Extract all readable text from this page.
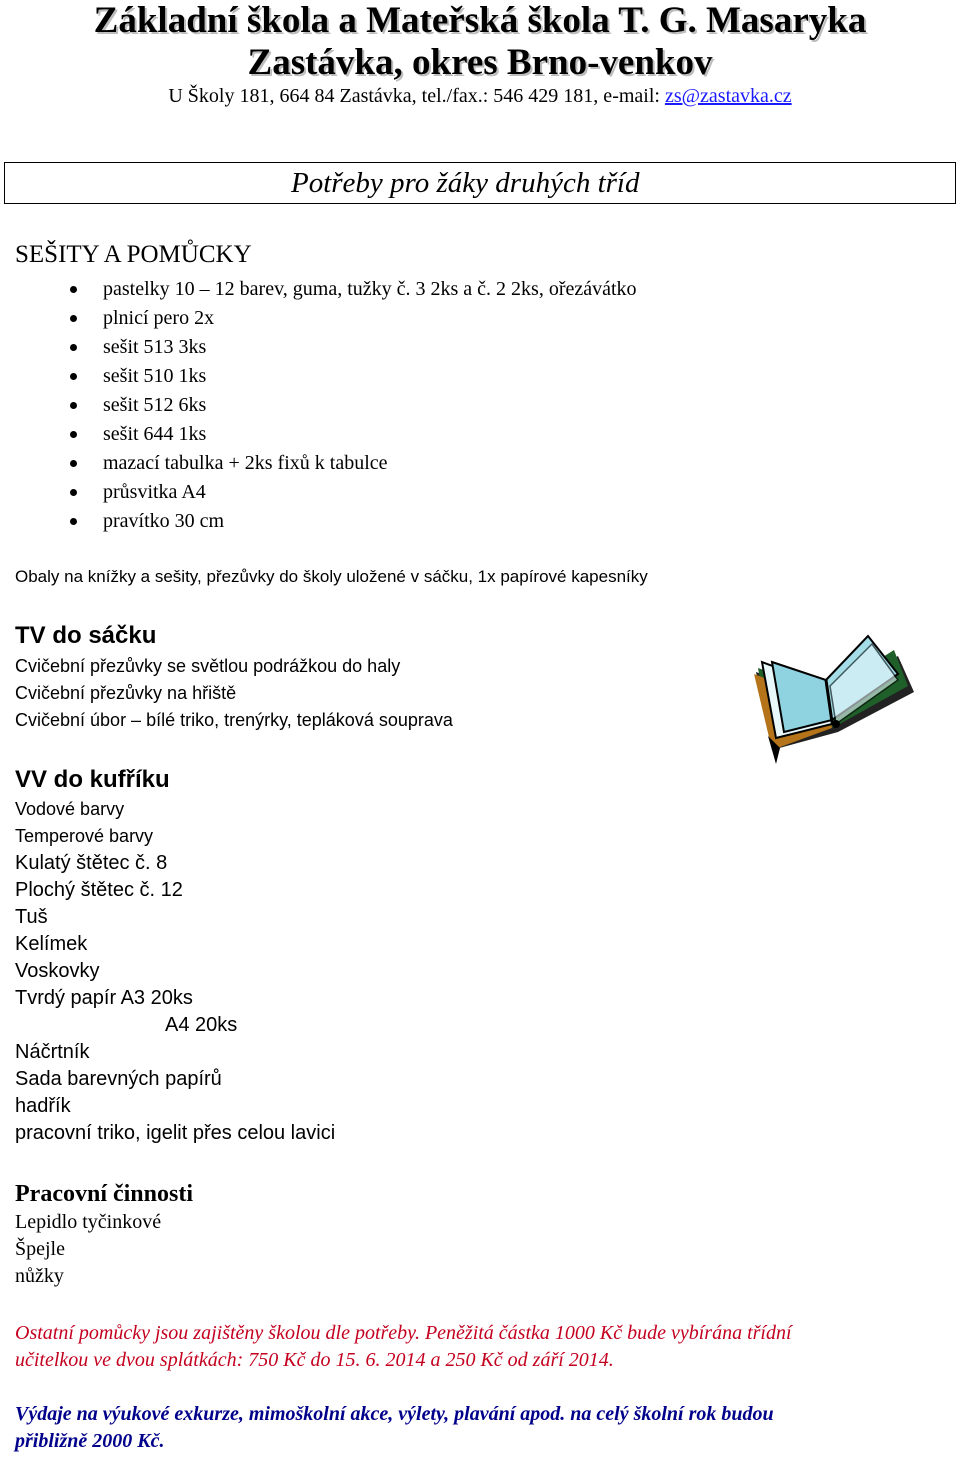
Základní škola a Mateřská škola T. G. Masaryka
Zastávka, okres Brno-venkov
U Školy 181, 664 84 Zastávka, tel./fax.: 546 429 181, e-mail: zs@zastavka.cz
Potřeby pro žáky druhých tříd
SEŠITY A POMŮCKY
pastelky 10 – 12 barev, guma, tužky č. 3 2ks a č. 2 2ks, ořezávátko
plnicí pero 2x
sešit 513 3ks
sešit 510 1ks
sešit 512 6ks
sešit 644 1ks
mazací tabulka + 2ks fixů k tabulce
průsvitka A4
pravítko 30 cm
Obaly na knížky a sešity, přezůvky do školy uložené v sáčku, 1x papírové kapesníky
TV do sáčku
Cvičební přezůvky se světlou podrážkou do haly
Cvičební přezůvky na hřiště
Cvičební úbor – bílé triko, trenýrky, tepláková souprava
VV do kufříku
Vodové barvy
Temperové barvy
Kulatý štětec č. 8
Plochý štětec č. 12
Tuš
Kelímek
Voskovky
Tvrdý papír A3 20ks
A4 20ks
Náčrtník
Sada barevných papírů
hadřík
pracovní triko, igelit přes celou lavici
Pracovní činnosti
Lepidlo tyčinkové
Špejle
nůžky
Ostatní pomůcky jsou zajištěny školou dle potřeby. Peněžitá částka 1000 Kč bude vybírána třídní
učitelkou ve dvou splátkách: 750 Kč do 15. 6. 2014 a 250 Kč od září 2014.
Výdaje na výukové exkurze, mimoškolní akce, výlety, plavání apod. na celý školní rok budou
přibližně 2000 Kč.
